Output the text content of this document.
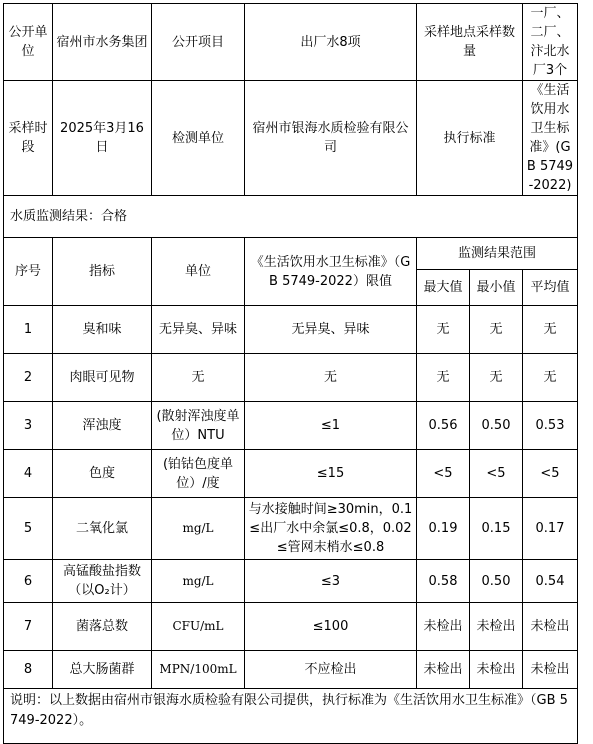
公开单位	宿州市水务集团	公开项目	出厂水8项	采样地点采样数量		一厂、二厂、汴北水厂3个
采样时段	2025年3月16日	检测单位	宿州市银海水质检验有限公司	执行标准		《生活饮用水卫生标准》(GB 5749-2022)
水质监测结果：合格						
序号	指标	单位	《生活饮用水卫生标准》（GB 5749-2022）限值	监测结果范围		
				最大值	最小值	平均值
1	臭和味	无异臭、异味	无异臭、异味	无	无	无
2	肉眼可见物	无	无	无	无	无
3	浑浊度	(散射浑浊度单位）NTU	≤1	0.56	0.50	0.53
4	色度	(铂钴色度单位）/度	≤15	<5	<5	<5
5	二氧化氯	mg/L	与水接触时间≥30min，0.1≤出厂水中余氯≤0.8，0.02≤管网末梢水≤0.8	0.19	0.15	0.17
6	高锰酸盐指数（以O₂计）	mg/L	≤3	0.58	0.50	0.54
7	菌落总数	CFU/mL	≤100	未检出	未检出	未检出
8	总大肠菌群	MPN/100mL	不应检出	未检出	未检出	未检出
说明：以上数据由宿州市银海水质检验有限公司提供，执行标准为《生活饮用水卫生标准》（GB 5749-2022）。						
